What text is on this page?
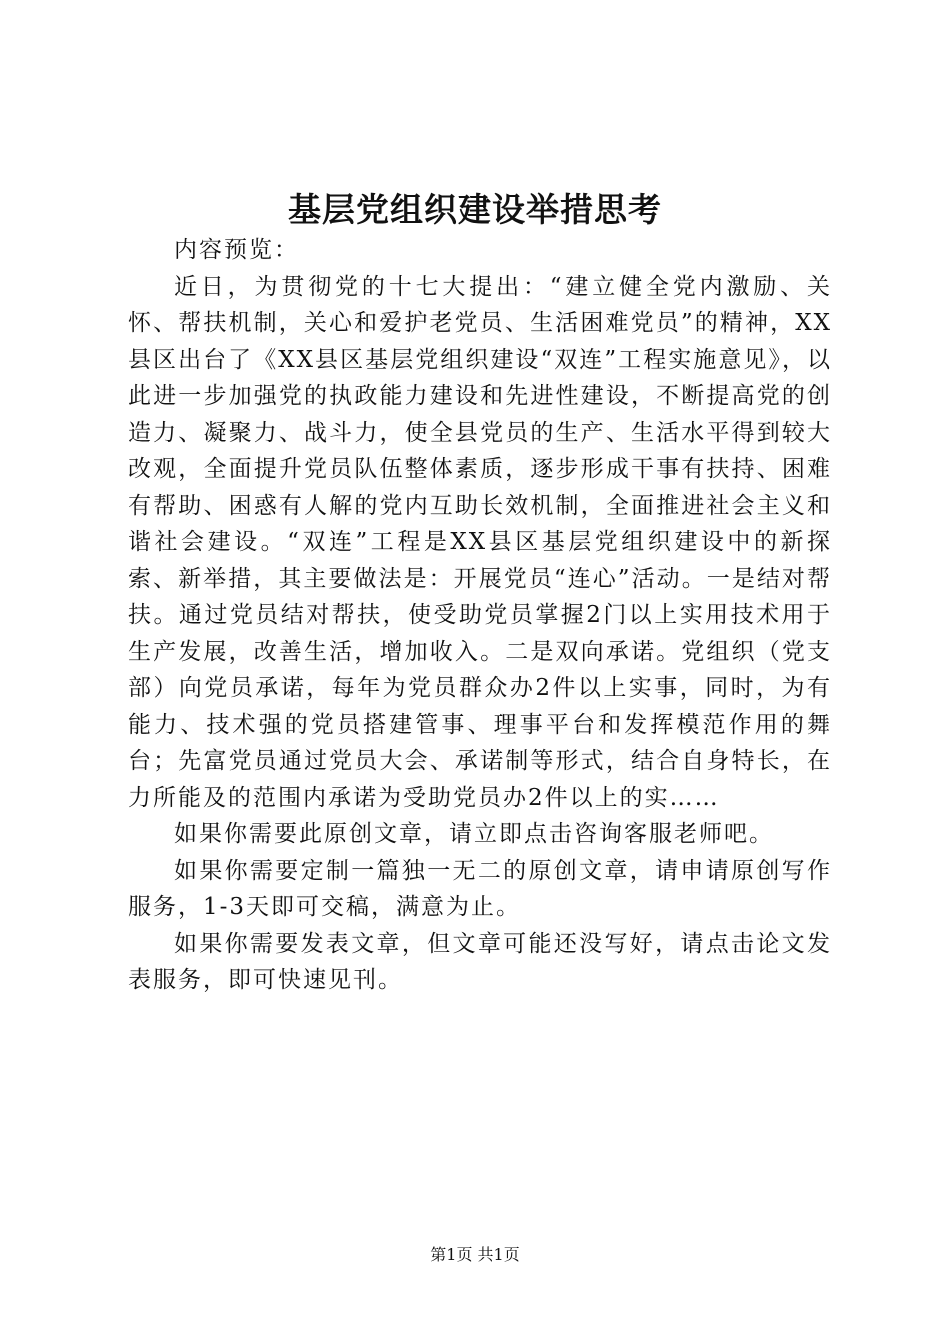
基层党组织建设举措思考

内容预览：

近日，为贯彻党的十七大提出：“建立健全党内激励、关怀、帮扶机制，关心和爱护老党员、生活困难党员”的精神，XX县区出台了《XX县区基层党组织建设“双连”工程实施意见》，以此进一步加强党的执政能力建设和先进性建设，不断提高党的创造力、凝聚力、战斗力，使全县党员的生产、生活水平得到较大改观，全面提升党员队伍整体素质，逐步形成干事有扶持、困难有帮助、困惑有人解的党内互助长效机制，全面推进社会主义和谐社会建设。“双连”工程是XX县区基层党组织建设中的新探索、新举措，其主要做法是：开展党员“连心”活动。一是结对帮扶。通过党员结对帮扶，使受助党员掌握2门以上实用技术用于生产发展，改善生活，增加收入。二是双向承诺。党组织（党支部）向党员承诺，每年为党员群众办2件以上实事，同时，为有能力、技术强的党员搭建管事、理事平台和发挥模范作用的舞台；先富党员通过党员大会、承诺制等形式，结合自身特长，在力所能及的范围内承诺为受助党员办2件以上的实……

如果你需要此原创文章，请立即点击咨询客服老师吧。

如果你需要定制一篇独一无二的原创文章，请申请原创写作服务，1-3天即可交稿，满意为止。

如果你需要发表文章，但文章可能还没写好，请点击论文发表服务，即可快速见刊。

第1页 共1页
